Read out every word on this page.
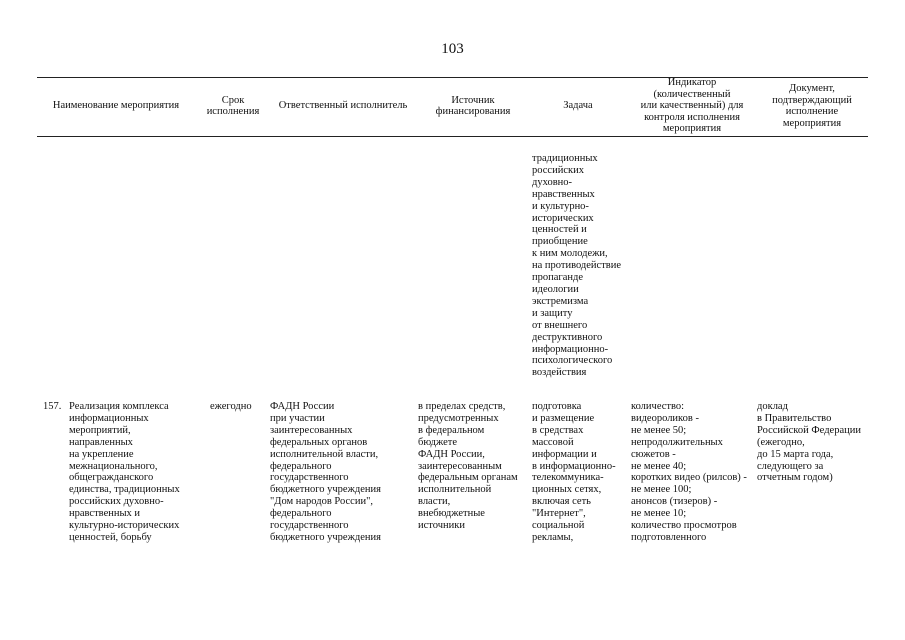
103
Наименование мероприятия
Срок
исполнения
Ответственный исполнитель
Источник
финансирования
Задача
Индикатор
(количественный
или качественный) для
контроля исполнения
мероприятия
Документ,
подтверждающий
исполнение
мероприятия
традиционных
российских
духовно-
нравственных
и культурно-
исторических
ценностей и
приобщение
к ним молодежи,
на противодействие
пропаганде
идеологии
экстремизма
и защиту
от внешнего
деструктивного
информационно-
психологического
воздействия
157. Реализация комплекса
информационных
мероприятий,
направленных
на укрепление
межнационального,
общегражданского
единства, традиционных
российских духовно-
нравственных и
культурно-исторических
ценностей, борьбу
ежегодно ФАДН России
при участии
заинтересованных
федеральных органов
исполнительной власти,
федерального
государственного
бюджетного учреждения
"Дом народов России",
федерального
государственного
бюджетного учреждения
в пределах средств,
предусмотренных
в федеральном
бюджете
ФАДН России,
заинтересованным
федеральным органам
исполнительной
власти,
внебюджетные
источники
подготовка
и размещение
в средствах
массовой
информации и
в информационно-
телекоммуника-
ционных сетях,
включая сеть
"Интернет",
социальной
рекламы,
количество:
видеороликов -
не менее 50;
непродолжительных
сюжетов -
не менее 40;
коротких видео (рилсов) -
не менее 100;
анонсов (тизеров) -
не менее 10;
количество просмотров
подготовленного
доклад
в Правительство
Российской Федерации
(ежегодно,
до 15 марта года,
следующего за
отчетным годом)
